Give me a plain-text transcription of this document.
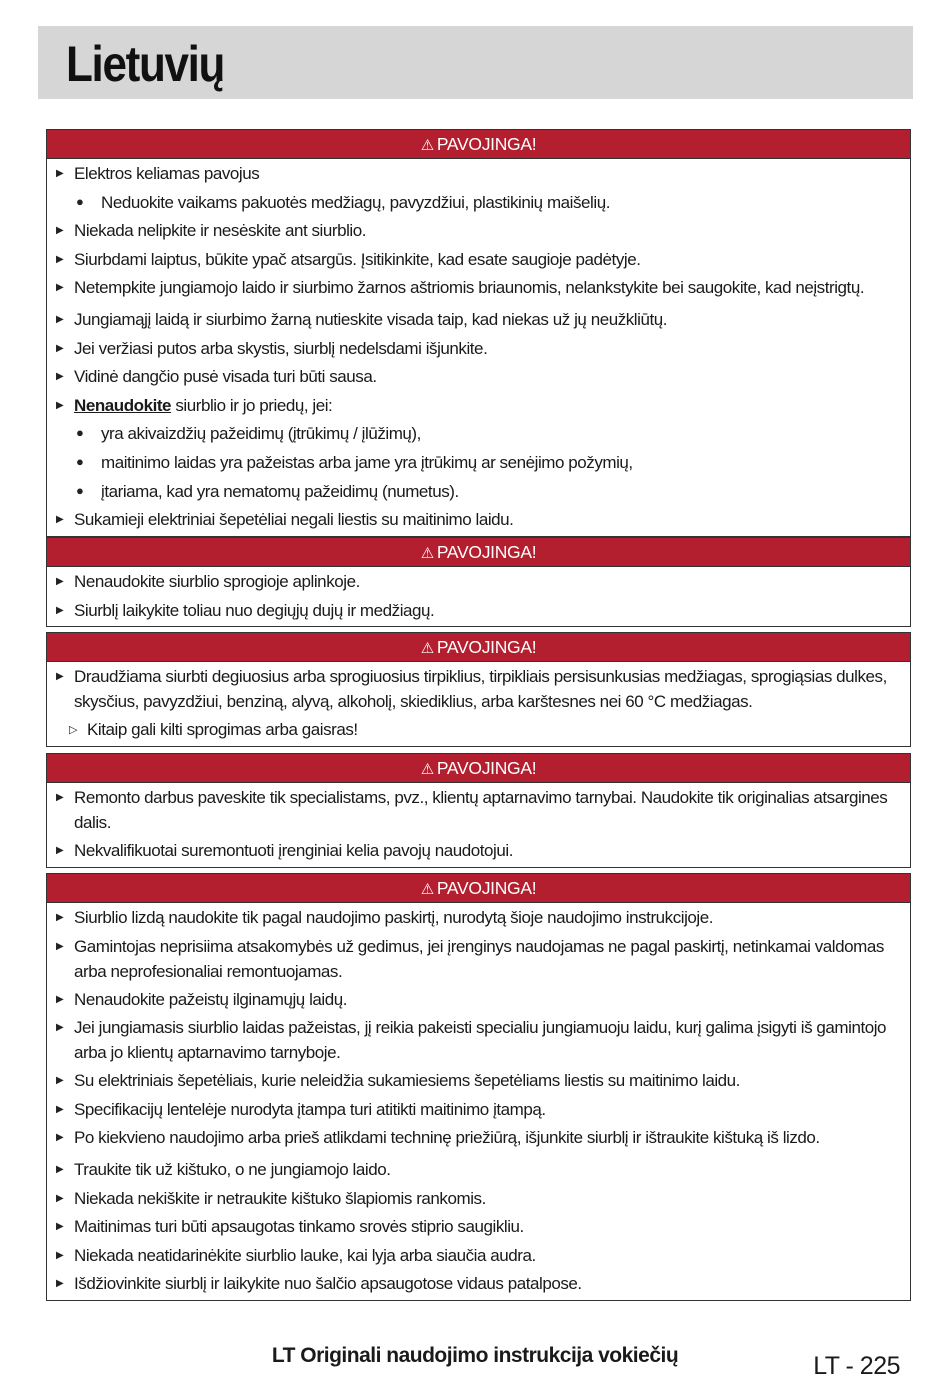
Lietuvių
⚠ PAVOJINGA!
▶ Elektros keliamas pavojus
● Neduokite vaikams pakuotės medžiagų, pavyzdžiui, plastikinių maišelių.
▶ Niekada nelipkite ir nesėskite ant siurblio.
▶ Siurbdami laiptus, būkite ypač atsargūs. Įsitikinkite, kad esate saugioje padėtyje.
▶ Netempkite jungiamojo laido ir siurbimo žarnos aštriomis briaunomis, nelankstykite bei saugokite, kad neįstrigtų.
▶ Jungiamąjį laidą ir siurbimo žarną nutieskite visada taip, kad niekas už jų neužkliūtų.
▶ Jei veržiasi putos arba skystis, siurblį nedelsdami išjunkite.
▶ Vidinė dangčio pusė visada turi būti sausa.
▶ Nenaudokite siurblio ir jo priedų, jei:
● yra akivaizdžių pažeidimų (įtrūkimų / įlūžimų),
● maitinimo laidas yra pažeistas arba jame yra įtrūkimų ar senėjimo požymių,
● įtariama, kad yra nematomų pažeidimų (numetus).
▶ Sukamieji elektriniai šepetėliai negali liestis su maitinimo laidu.
⚠ PAVOJINGA!
▶ Nenaudokite siurblio sprogioje aplinkoje.
▶ Siurblį laikykite toliau nuo degiųjų dujų ir medžiagų.
⚠ PAVOJINGA!
▶ Draudžiama siurbti degiuosius arba sprogiuosius tirpiklius, tirpikliais persisunkusias medžiagas, sprogiąsias dulkes, skysčius, pavyzdžiui, benziną, alyvą, alkoholį, skiediklius, arba karštesnes nei 60 °C medžiagas.
▷ Kitaip gali kilti sprogimas arba gaisras!
⚠ PAVOJINGA!
▶ Remonto darbus paveskite tik specialistams, pvz., klientų aptarnavimo tarnybai. Naudokite tik originalias atsargines dalis.
▶ Nekvalifikuotai suremontuoti įrenginiai kelia pavojų naudotojui.
⚠ PAVOJINGA!
▶ Siurblio lizdą naudokite tik pagal naudojimo paskirtį, nurodytą šioje naudojimo instrukcijoje.
▶ Gamintojas neprisiima atsakomybės už gedimus, jei įrenginys naudojamas ne pagal paskirtį, netinkamai valdomas arba neprofesionaliai remontuojamas.
▶ Nenaudokite pažeistų ilginamųjų laidų.
▶ Jei jungiamasis siurblio laidas pažeistas, jį reikia pakeisti specialiu jungiamuoju laidu, kurį galima įsigyti iš gamintojo arba jo klientų aptarnavimo tarnyboje.
▶ Su elektriniais šepetėliais, kurie neleidžia sukamiesiems šepetėliams liestis su maitinimo laidu.
▶ Specifikacijų lentelėje nurodyta įtampa turi atitikti maitinimo įtampą.
▶ Po kiekvieno naudojimo arba prieš atlikdami techninę priežiūrą, išjunkite siurblį ir ištraukite kištuką iš lizdo.
▶ Traukite tik už kištuko, o ne jungiamojo laido.
▶ Niekada nekiškite ir netraukite kištuko šlapiomis rankomis.
▶ Maitinimas turi būti apsaugotas tinkamo srovės stiprio saugikliu.
▶ Niekada neatidarinėkite siurblio lauke, kai lyja arba siaučia audra.
▶ Išdžiovinkite siurblį ir laikykite nuo šalčio apsaugotose vidaus patalpose.
LT Originali naudojimo instrukcija vokiečių	LT - 225
